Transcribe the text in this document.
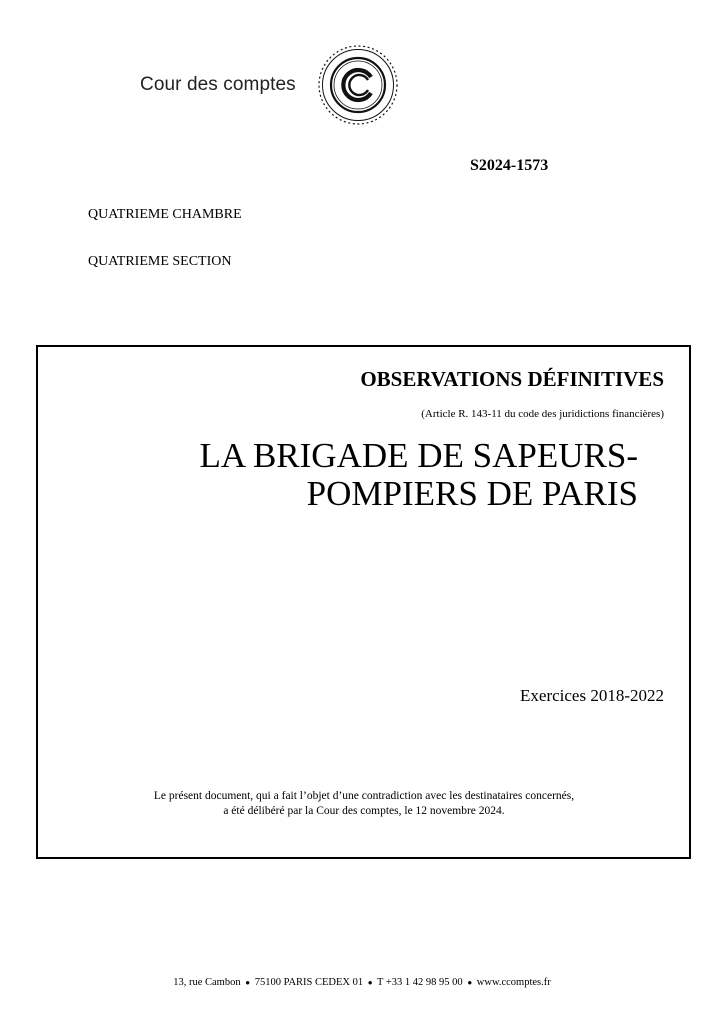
Cour des comptes
S2024-1573
QUATRIEME CHAMBRE
QUATRIEME SECTION
OBSERVATIONS DÉFINITIVES
(Article R. 143-11 du code des juridictions financières)
LA BRIGADE DE SAPEURS-
POMPIERS DE PARIS
Exercices 2018-2022
Le présent document, qui a fait l’objet d’une contradiction avec les destinataires concernés,
a été délibéré par la Cour des comptes, le 12 novembre 2024.
13, rue Cambon ● 75100 PARIS CEDEX 01 ● T +33 1 42 98 95 00 ● www.ccomptes.fr
